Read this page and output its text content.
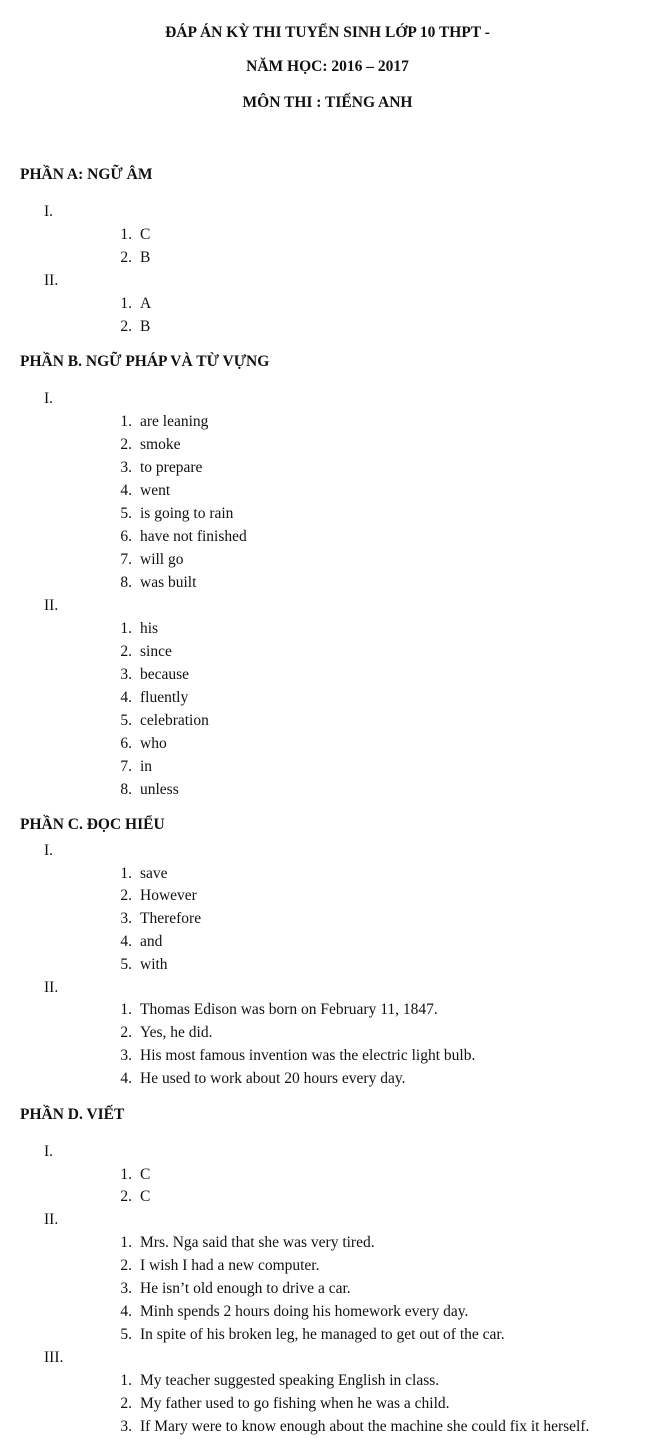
ĐÁP ÁN KỲ THI TUYỂN SINH LỚP 10 THPT -
NĂM HỌC: 2016 – 2017
MÔN THI : TIẾNG ANH
PHẦN A: NGỮ ÂM
I.
1. C
2. B
II.
1. A
2. B
PHẦN B. NGỮ PHÁP VÀ TỪ VỰNG
I.
1. are leaning
2. smoke
3. to prepare
4. went
5. is going to rain
6. have not finished
7. will go
8. was built
II.
1. his
2. since
3. because
4. fluently
5. celebration
6. who
7. in
8. unless
PHẦN C. ĐỌC HIỂU
I.
1. save
2. However
3. Therefore
4. and
5. with
II.
1. Thomas Edison was born on February 11, 1847.
2. Yes, he did.
3. His most famous invention was the electric light bulb.
4. He used to work about 20 hours every day.
PHẦN D. VIẾT
I.
1. C
2. C
II.
1. Mrs. Nga said that she was very tired.
2. I wish I had a new computer.
3. He isn’t old enough to drive a car.
4. Minh spends 2 hours doing his homework every day.
5. In spite of his broken leg, he managed to get out of the car.
III.
1. My teacher suggested speaking English in class.
2. My father used to go fishing when he was a child.
3. If Mary were to know enough about the machine she could fix it herself.
